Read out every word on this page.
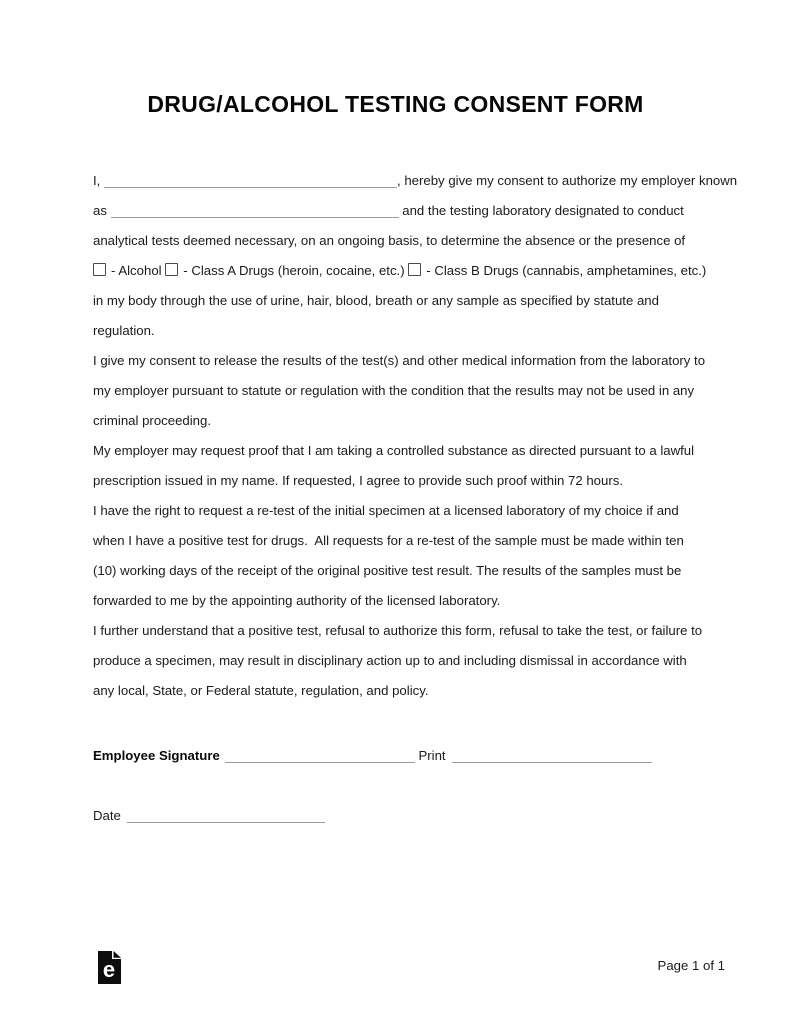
DRUG/ALCOHOL TESTING CONSENT FORM
I,	, hereby give my consent to authorize my employer known
as	and the testing laboratory designated to conduct
analytical tests deemed necessary, on an ongoing basis, to determine the absence or the presence of
- Alcohol - Class A Drugs (heroin, cocaine, etc.) - Class B Drugs (cannabis, amphetamines, etc.)
in my body through the use of urine, hair, blood, breath or any sample as specified by statute and
regulation.
I give my consent to release the results of the test(s) and other medical information from the laboratory to
my employer pursuant to statute or regulation with the condition that the results may not be used in any
criminal proceeding.
My employer may request proof that I am taking a controlled substance as directed pursuant to a lawful
prescription issued in my name. If requested, I agree to provide such proof within 72 hours.
I have the right to request a re-test of the initial specimen at a licensed laboratory of my choice if and
when I have a positive test for drugs.  All requests for a re-test of the sample must be made within ten
(10) working days of the receipt of the original positive test result. The results of the samples must be
forwarded to me by the appointing authority of the licensed laboratory.
I further understand that a positive test, refusal to authorize this form, refusal to take the test, or failure to
produce a specimen, may result in disciplinary action up to and including dismissal in accordance with
any local, State, or Federal statute, regulation, and policy.
Employee Signature	Print
Date
e	Page 1 of 1
